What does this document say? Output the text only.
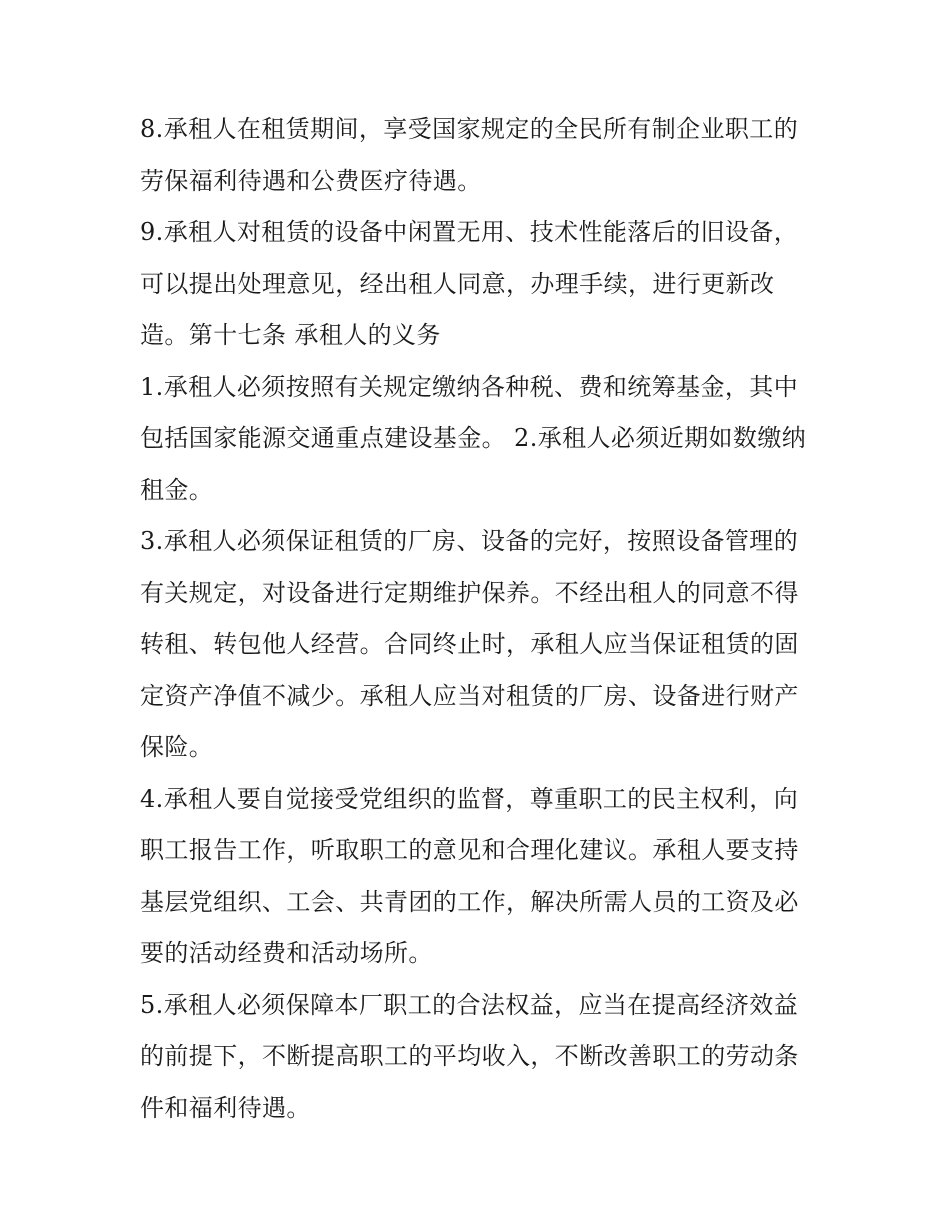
8.承租人在租赁期间，享受国家规定的全民所有制企业职工的劳保福利待遇和公费医疗待遇。

9.承租人对租赁的设备中闲置无用、技术性能落后的旧设备，可以提出处理意见，经出租人同意，办理手续，进行更新改造。第十七条 承租人的义务

1.承租人必须按照有关规定缴纳各种税、费和统筹基金，其中包括国家能源交通重点建设基金。 2.承租人必须近期如数缴纳租金。

3.承租人必须保证租赁的厂房、设备的完好，按照设备管理的有关规定，对设备进行定期维护保养。不经出租人的同意不得转租、转包他人经营。合同终止时，承租人应当保证租赁的固定资产净值不减少。承租人应当对租赁的厂房、设备进行财产保险。

4.承租人要自觉接受党组织的监督，尊重职工的民主权利，向职工报告工作，听取职工的意见和合理化建议。承租人要支持基层党组织、工会、共青团的工作，解决所需人员的工资及必要的活动经费和活动场所。

5.承租人必须保障本厂职工的合法权益，应当在提高经济效益的前提下，不断提高职工的平均收入，不断改善职工的劳动条件和福利待遇。
